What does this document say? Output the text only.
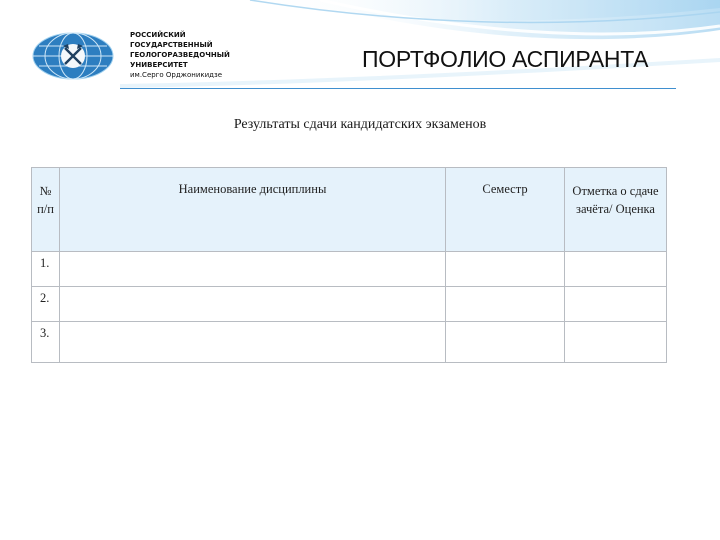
РОССИЙСКИЙ
ГОСУДАРСТВЕННЫЙ
ГЕОЛОГОРАЗВЕДОЧНЫЙ
УНИВЕРСИТЕТ
им.Серго Орджоникидзе
ПОРТФОЛИО АСПИРАНТА
Результаты сдачи кандидатских экзаменов
№
п/п	Наименование дисциплины	Семестр	Отметка о сдаче зачёта/ Оценка
1.			
2.			
3.			
